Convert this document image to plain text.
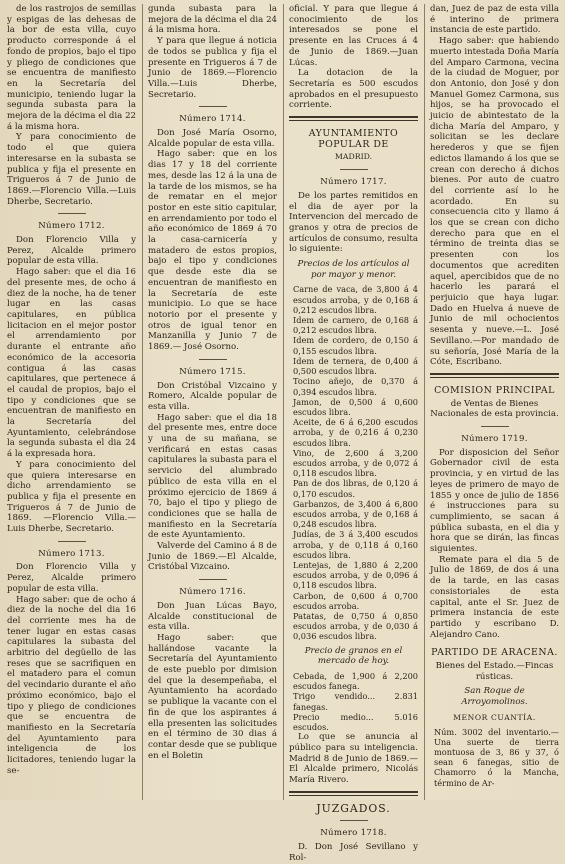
de los rastrojos de semillas y espigas de las dehesas de la bor de esta villa, cuyo producto corresponde á el fondo de propios, bajo el tipo y pliego de condiciones que se encuentra de manifiesto en la Secretaría del municipio, teniendo lugar la segunda subasta para la mejora de la décima el dia 22 á la misma hora.

Y para conocimiento de todo el que quiera interesarse en la subasta se publica y fija el presente en Trigueros á 7 de Junio de 1869.—Florencio Villa.—Luis Dherbe, Secretario.

Número 1712.

Don Florencio Villa y Perez, Alcalde primero popular de esta villa.

Hago saber: que el dia 16 del presente mes, de ocho á diez de la noche, ha de tener lugar en las casas capitulares, en pública licitacion en el mejor postor el arrendamiento por durante el entrante año económico de la accesoria contigua á las casas capitulares, que pertenece á el caudal de propios, bajo el tipo y condiciones que se encuentran de manifiesto en la Secretaría del Ayuntamiento, celebrándose la segunda subasta el dia 24 á la expresada hora.

Y para conocimiento del que quiera interesarse en dicho arrendamiento se publica y fija el presente en Trigueros á 7 de Junio de 1869. —Florencio Villa.—Luis Dherbe, Secretario.

Número 1713.

Don Florencio Villa y Perez, Alcalde primero popular de esta villa.

Hago saber: que de ocho á diez de la noche del dia 16 del corriente mes ha de tener lugar en estas casas capitulares la subasta del arbitrio del degüello de las reses que se sacrifiquen en el matadero para el comun del vecindario durante el año próximo económico, bajo el tipo y pliego de condiciones que se encuentra de manifiesto en la Secretaría del Ayuntamiento para inteligencia de los licitadores, teniendo lugar la se-

gunda subasta para la mejora de la décima el dia 24 á la misma hora.

Y para que llegue á noticia de todos se publica y fija el presente en Trigueros á 7 de Junio de 1869.—Florencio Villa.—Luis Dherbe, Secretario.

Número 1714.

Don José María Osorno, Alcalde popular de esta villa.

Hago saber: que en los dias 17 y 18 del corriente mes, desde las 12 á la una de la tarde de los mismos, se ha de rematar en el mejor postor en este sitio capitular, en arrendamiento por todo el año económico de 1869 á 70 la casa-carnicería y matadero de estos propios, bajo el tipo y condiciones que desde este dia se encuentran de manifiesto en la Secretaría de este municipio. Lo que se hace notorio por el presente y otros de igual tenor en Manzanilla y Junio 7 de 1869.— José Osorno.

Número 1715.

Don Cristóbal Vizcaino y Romero, Alcalde popular de esta villa.

Hago saber: que el dia 18 del presente mes, entre doce y una de su mañana, se verificará en estas casas capitulares la subasta para el servicio del alumbrado público de esta villa en el próximo ejercicio de 1869 á 70, bajo el tipo y pliego de condiciones que se halla de manifiesto en la Secretaría de este Ayuntamiento.

Valverde del Camino á 8 de Junio de 1869.—El Alcalde, Cristóbal Vizcaino.

Número 1716.

Don Juan Lúcas Bayo, Alcalde constitucional de esta villa.

Hago saber: que hallándose vacante la Secretaría del Ayuntamiento de este pueblo por dimision del que la desempeñaba, el Ayuntamiento ha acordado se publique la vacante con el fin de que los aspirantes á ella presenten las solicitudes en el término de 30 dias á contar desde que se publique en el Boletin

oficial. Y para que llegue á conocimiento de los interesados se pone el presente en las Cruces á 4 de Junio de 1869.—Juan Lúcas.

La dotacion de la Secretaría es 500 escudos aprobados en el presupuesto corriente.

AYUNTAMIENTO POPULAR DE
MADRID.
Número 1717.

De los partes remitidos en el dia de ayer por la Intervencion del mercado de granos y otra de precios de artículos de consumo, resulta lo siguiente:

Precios de los artículos al por mayor y menor.

Carne de vaca, de 3,800 á 4 escudos arroba, y de 0,168 á 0,212 escudos libra.

Idem de carnero, de 0,168 á 0,212 escudos libra.

Idem de cordero, de 0,150 á 0,155 escudos libra.

Idem de ternera, de 0,400 á 0,500 escudos libra.

Tocino añejo, de 0,370 á 0,394 escudos libra.

Jamon, de 0,500 á 0,600 escudos libra.

Aceite, de 6 á 6,200 escudos arroba, y de 0,216 á 0,230 escudos libra.

Vino, de 2,600 á 3,200 escudos arroba, y de 0,072 á 0,118 escudos libra.

Pan de dos libras, de 0,120 á 0,170 escudos.

Garbanzos, de 3,400 á 6,800 escudos arroba, y de 0,168 á 0,248 escudos libra.

Judías, de 3 á 3,400 escudos arroba, y de 0,118 á 0,160 escudos libra.

Lentejas, de 1,880 á 2,200 escudos arroba, y de 0,096 á 0,118 escudos libra.

Carbon, de 0,600 á 0,700 escudos arroba.

Patatas, de 0,750 á 0,850 escudos arroba, y de 0,030 á 0,036 escudos libra.

Precio de granos en el mercado de hoy.

Cebada, de 1,900 á 2,200 escudos fanega.

Trigo vendido... 2.831 fanegas.

Precio medio... 5.016 escudos.

Lo que se anuncia al público para su inteligencia. Madrid 8 de Junio de 1869.—El Alcalde primero, Nicolás María Rivero.

JUZGADOS.
Número 1718.

D. Don José Sevillano y Rol-

dan, Juez de paz de esta villa é interino de primera instancia de este partido.

Hago saber: que habiendo muerto intestada Doña María del Amparo Carmona, vecina de la ciudad de Moguer, por don Antonio, don José y don Manuel Gomez Carmona, sus hijos, se ha provocado el juicio de abintestato de la dicha María del Amparo, y solicitan se les declare herederos y que se fijen edictos llamando á los que se crean con derecho á dichos bienes. Por auto de cuatro del corriente así lo he acordado. En su consecuencia cito y llamo á los que se crean con dicho derecho para que en el término de treinta dias se presenten con los documentos que acrediten aquel, apercibidos que de no hacerlo les parará el perjuicio que haya lugar. Dado en Huelva á nueve de Junio de mil ochocientos sesenta y nueve.—L. José Sevillano.—Por mandado de su señoría, José María de la Cóte, Escribano.

COMISION PRINCIPAL

de Ventas de Bienes Nacionales de esta provincia.

Número 1719.

Por disposicion del Señor Gobernador civil de esta provincia, y en virtud de las leyes de primero de mayo de 1855 y once de julio de 1856 é instrucciones para su cumplimiento, se sacan á pública subasta, en el dia y hora que se dirán, las fincas siguientes.

Remate para el dia 5 de Julio de 1869, de dos á una de la tarde, en las casas consistoriales de esta capital, ante el Sr. Juez de primera instancia de este partido y escribano D. Alejandro Cano.

PARTIDO DE ARACENA.

Bienes del Estado.—Fincas rústicas.

San Roque de Arroyomolinos.

MENOR CUANTÍA.

Núm. 3002 del inventario.—Una suerte de tierra montuosa de 3, 86 y 37, ó sean 6 fanegas, sitio de Chamorro ó la Mancha, término de Ar-
